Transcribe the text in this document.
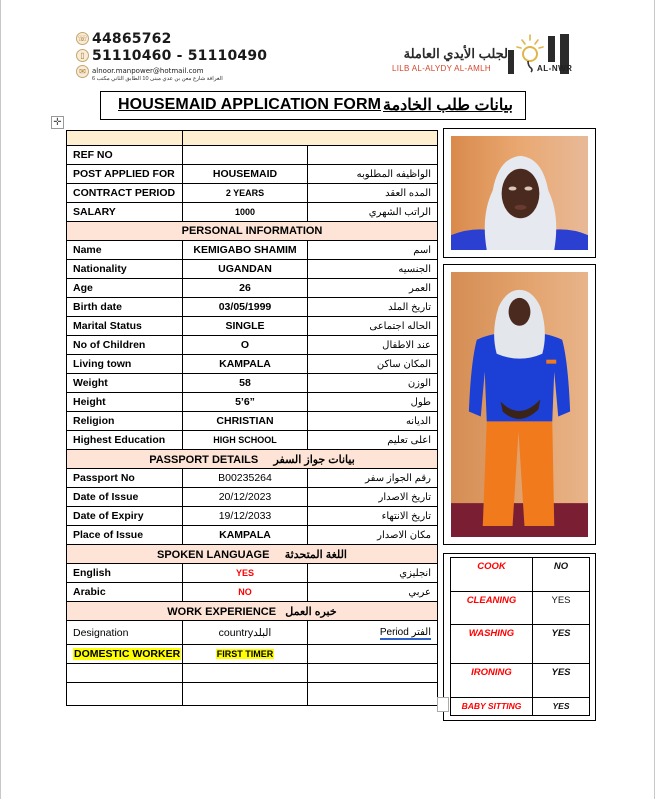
☏ 44865762
▯ 51110460 - 51110490
✉ alnoor.manpower@hotmail.com
الغرافة شارع معن بن عدي مبنى 10 الطابق الثاني مكتب 6
لجلب الأيدي العاملة
LILB AL-ALYDY AL-AMLH	AL-NWR
HOUSEMAID APPLICATION FORM بيانات طلب الخادمة
✛

REF NO		
POST APPLIED FOR	HOUSEMAID	الواظيفه المطلوبه
CONTRACT PERIOD	2 YEARS	المده العقد
SALARY	1000	الراتب الشهري
PERSONAL INFORMATION		
Name	KEMIGABO SHAMIM	اسم
Nationality	UGANDAN	الجنسيه
Age	26	العمر
Birth date	03/05/1999	تاريخ الملد
Marital Status	SINGLE	الحاله اجتماعى
No of Children	O	عند الاطفال
Living town	KAMPALA	المكان ساكن
Weight	58	الوزن
Height	5’6”	طول
Religion	CHRISTIAN	الديانه
Highest Education	HIGH SCHOOL	اعلى تعليم
PASSPORT DETAILS بيانات جواز السفر		
Passport No	B00235264	رقم الجواز سفر
Date of Issue	20/12/2023	تاريخ الاصدار
Date of Expiry	19/12/2033	تاريخ الانتهاء
Place of Issue	KAMPALA	مكان الاصدار
SPOKEN LANGUAGE اللغة المتحدثة		
English	YES	انجليزي
Arabic	NO	عربي
WORK EXPERIENCE خبره العمل		
Designation	countryالبلد	Period الفتر
DOMESTIC WORKER	FIRST TIMER	

COOK	NO
CLEANING	YES
WASHING	YES
IRONING	YES
BABY SITTING	YES
